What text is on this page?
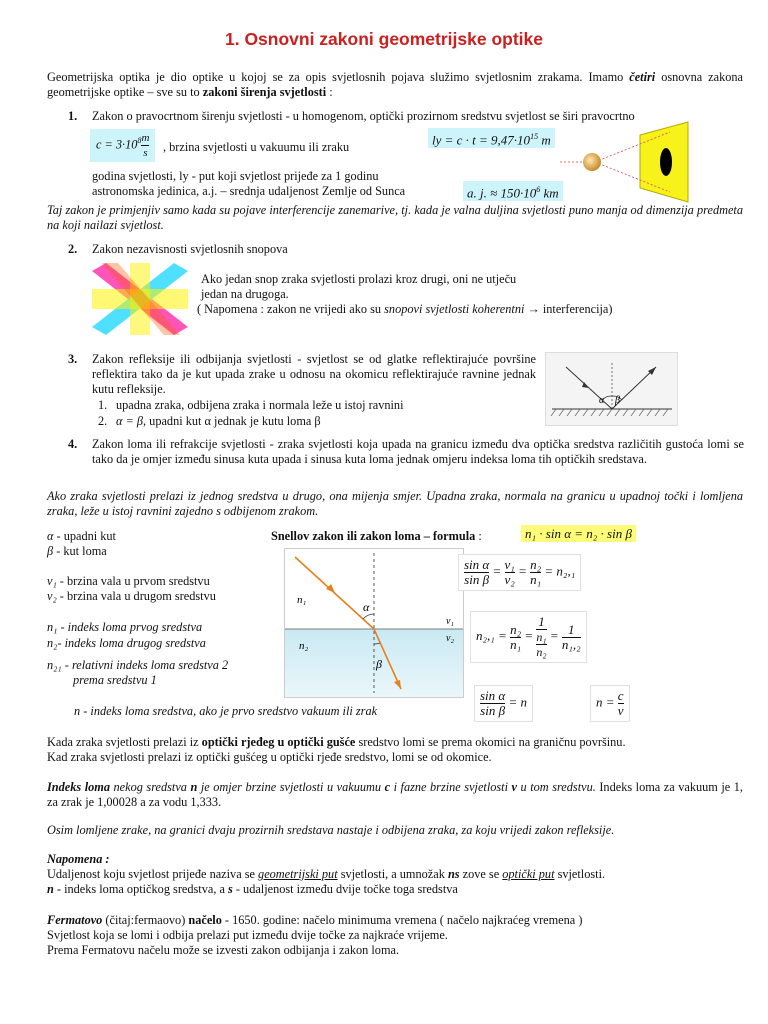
1. Osnovni zakoni geometrijske optike
Geometrijska optika je dio optike u kojoj se za opis svjetlosnih pojava služimo svjetlosnim zrakama. Imamo četiri osnovna zakona geometrijske optike – sve su to zakoni širenja svjetlosti :
1. Zakon o pravocrtnom širenju svjetlosti - u homogenom, optički prozirnom sredstvu svjetlost se širi pravocrtno
$c = 3\cdot 10^8 \frac{m}{s}$ , brzina svjetlosti u vakuumu ili zraku	ly = $c \cdot t = 9,47\cdot 10^{15}$ m
godina svjetlosti, ly - put koji svjetlost prijeđe za 1 godinu
astronomska jedinica, a.j. – srednja udaljenost Zemlje od Sunca	a. j. ≈ $150\cdot 10^6$ km
Taj zakon je primjenjiv samo kada su pojave interferencije zanemarive, tj. kada je valna duljina svjetlosti puno manja od dimenzija predmeta na koji nailazi svjetlost.
2. Zakon nezavisnosti svjetlosnih snopova
Ako jedan snop zraka svjetlosti prolazi kroz drugi, oni ne utječu
jedan na drugoga.
( Napomena : zakon ne vrijedi ako su snopovi svjetlosti koherentni → interferencija)
3. Zakon refleksije ili odbijanja svjetlosti - svjetlost se od glatke reflektirajuće površine reflektira tako da je kut upada zrake u odnosu na okomicu reflektirajuće ravnine jednak kutu refleksije.
1. upadna zraka, odbijena zraka i normala leže u istoj ravnini
2. α = β, upadni kut α jednak je kutu loma β
α β
4. Zakon loma ili refrakcije svjetlosti - zraka svjetlosti koja upada na granicu između dva optička sredstva različitih gustoća lomi se tako da je omjer između sinusa kuta upada i sinusa kuta loma jednak omjeru indeksa loma tih optičkih sredstava.
Ako zraka svjetlosti prelazi iz jednog sredstva u drugo, ona mijenja smjer. Upadna zraka, normala na granicu u upadnoj točki i lomljena zraka, leže u istoj ravnini zajedno s odbijenom zrakom.
α - upadni kut
β - kut loma
v₁ - brzina vala u prvom sredstvu
v₂ - brzina vala u drugom sredstvu
n₁ - indeks loma prvog sredstva
n₂- indeks loma drugog sredstva
n₂₁ - relativni indeks loma sredstva 2
prema sredstvu 1
n - indeks loma sredstva, ako je prvo sredstvo vakuum ili zrak
Snellov zakon ili zakon loma – formula :	n₁ · sin α = n₂ · sin β
α
β
n₁
n₂
v₁
v₂
$\frac{\text{sin α}}{\text{sin β}} = \frac{\text{v₁}}{\text{v₂}} = \frac{\text{n₂}}{\text{n₁}} = n_2,_1$
$n_2,_1 = \frac{\text{n₂}}{\text{n₁}} = 1$
n₁
$n_2 = \frac{1}{\text{n₁,₂}}$
$\frac{\text{sin α}}{\text{sin β}} = n$	$n = \frac{c}{v}$
Kada zraka svjetlosti prelazi iz optički rjeđeg u optički gušće sredstvo lomi se prema okomici na graničnu površinu.
Kad zraka svjetlosti prelazi iz optički gušćeg u optički rjeđe sredstvo, lomi se od okomice.
Indeks loma nekog sredstva n je omjer brzine svjetlosti u vakuumu c i fazne brzine svjetlosti v u tom sredstvu. Indeks loma za vakuum je 1, za zrak je 1,00028 a za vodu 1,333.
Osim lomljene zrake, na granici dvaju prozirnih sredstava nastaje i odbijena zraka, za koju vrijedi zakon refleksije.
Napomena :
Udaljenost koju svjetlost prijeđe naziva se geometrijski put svjetlosti, a umnožak ns zove se optički put svjetlosti.
n - indeks loma optičkog sredstva, a s - udaljenost između dvije točke toga sredstva
Fermatovo (čitaj:fermaovo) načelo - 1650. godine: načelo minimuma vremena ( načelo najkraćeg vremena )
Svjetlost koja se lomi i odbija prelazi put između dvije točke za najkraće vrijeme.
Prema Fermatovu načelu može se izvesti zakon odbijanja i zakon loma.
